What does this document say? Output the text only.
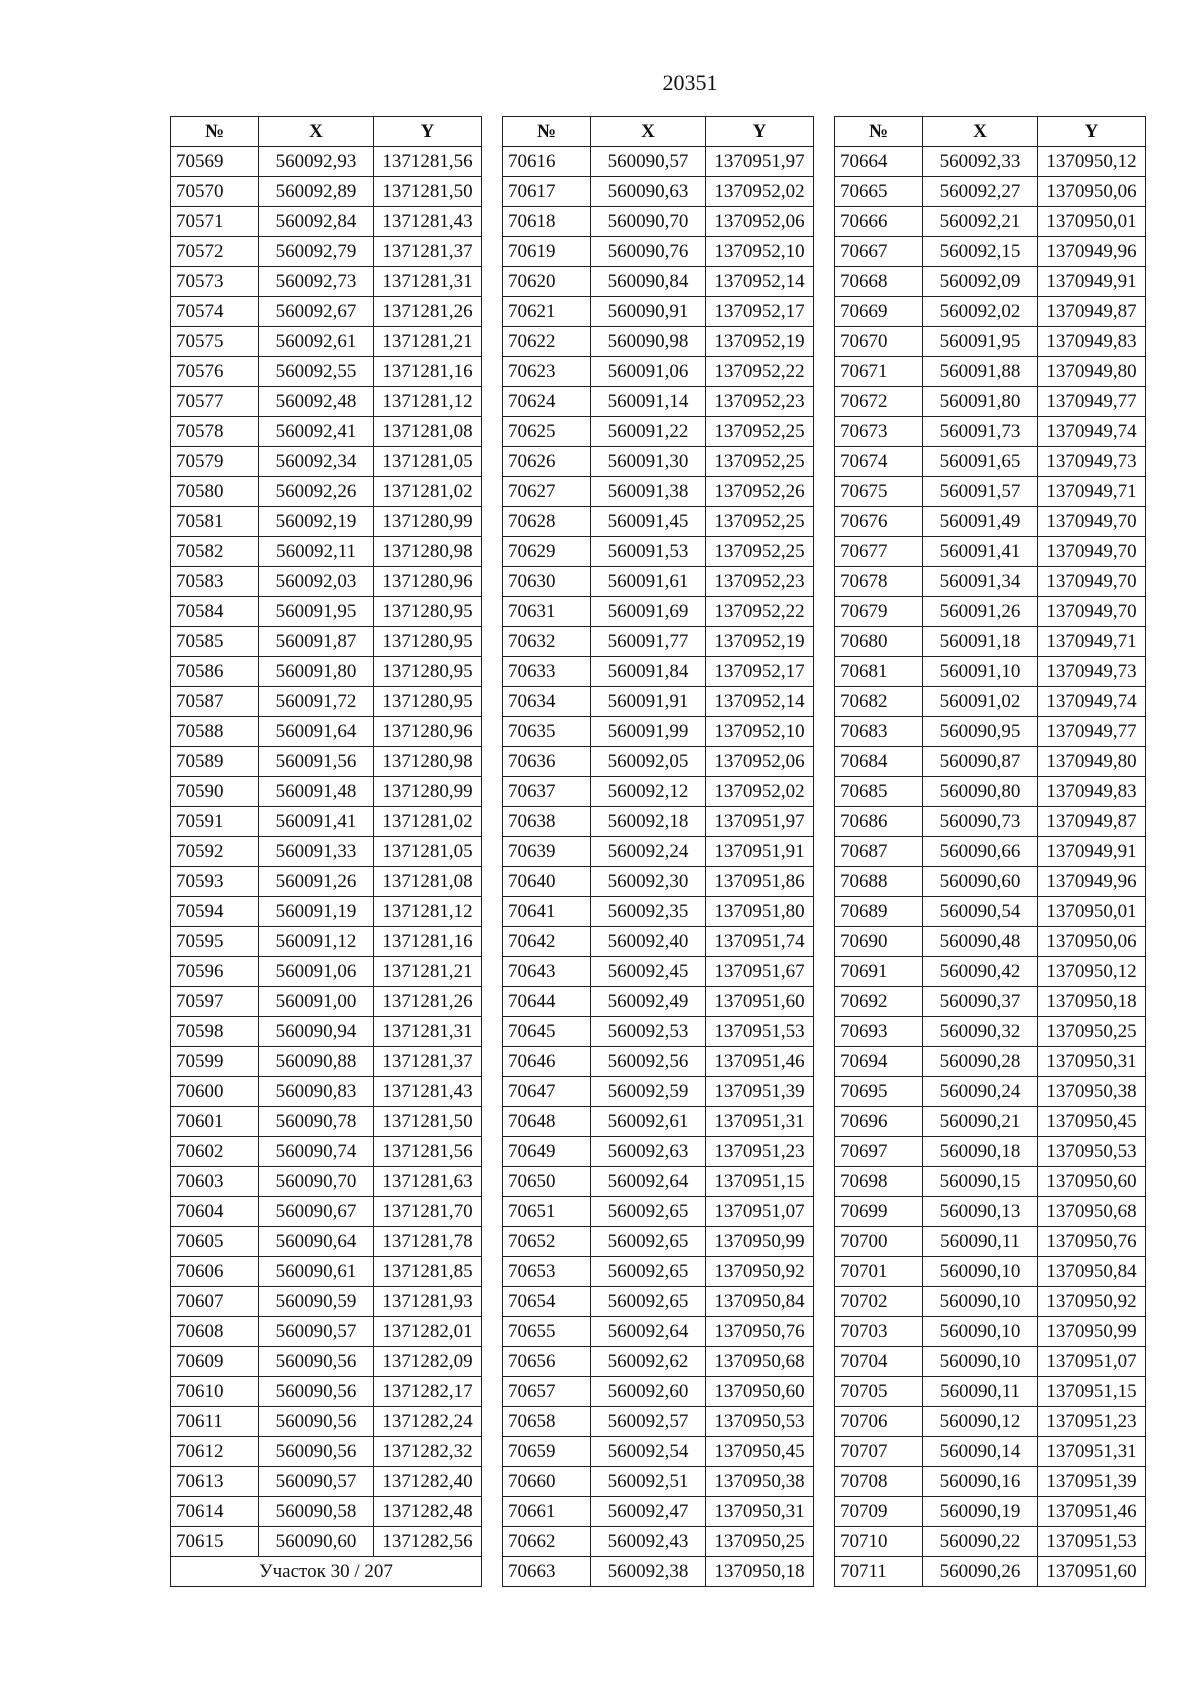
20351
№	X	Y
70569	560092,93	1371281,56
70570	560092,89	1371281,50
70571	560092,84	1371281,43
70572	560092,79	1371281,37
70573	560092,73	1371281,31
70574	560092,67	1371281,26
70575	560092,61	1371281,21
70576	560092,55	1371281,16
70577	560092,48	1371281,12
70578	560092,41	1371281,08
70579	560092,34	1371281,05
70580	560092,26	1371281,02
70581	560092,19	1371280,99
70582	560092,11	1371280,98
70583	560092,03	1371280,96
70584	560091,95	1371280,95
70585	560091,87	1371280,95
70586	560091,80	1371280,95
70587	560091,72	1371280,95
70588	560091,64	1371280,96
70589	560091,56	1371280,98
70590	560091,48	1371280,99
70591	560091,41	1371281,02
70592	560091,33	1371281,05
70593	560091,26	1371281,08
70594	560091,19	1371281,12
70595	560091,12	1371281,16
70596	560091,06	1371281,21
70597	560091,00	1371281,26
70598	560090,94	1371281,31
70599	560090,88	1371281,37
70600	560090,83	1371281,43
70601	560090,78	1371281,50
70602	560090,74	1371281,56
70603	560090,70	1371281,63
70604	560090,67	1371281,70
70605	560090,64	1371281,78
70606	560090,61	1371281,85
70607	560090,59	1371281,93
70608	560090,57	1371282,01
70609	560090,56	1371282,09
70610	560090,56	1371282,17
70611	560090,56	1371282,24
70612	560090,56	1371282,32
70613	560090,57	1371282,40
70614	560090,58	1371282,48
70615	560090,60	1371282,56
Участок 30 / 207		
№	X	Y
70616	560090,57	1370951,97
70617	560090,63	1370952,02
70618	560090,70	1370952,06
70619	560090,76	1370952,10
70620	560090,84	1370952,14
70621	560090,91	1370952,17
70622	560090,98	1370952,19
70623	560091,06	1370952,22
70624	560091,14	1370952,23
70625	560091,22	1370952,25
70626	560091,30	1370952,25
70627	560091,38	1370952,26
70628	560091,45	1370952,25
70629	560091,53	1370952,25
70630	560091,61	1370952,23
70631	560091,69	1370952,22
70632	560091,77	1370952,19
70633	560091,84	1370952,17
70634	560091,91	1370952,14
70635	560091,99	1370952,10
70636	560092,05	1370952,06
70637	560092,12	1370952,02
70638	560092,18	1370951,97
70639	560092,24	1370951,91
70640	560092,30	1370951,86
70641	560092,35	1370951,80
70642	560092,40	1370951,74
70643	560092,45	1370951,67
70644	560092,49	1370951,60
70645	560092,53	1370951,53
70646	560092,56	1370951,46
70647	560092,59	1370951,39
70648	560092,61	1370951,31
70649	560092,63	1370951,23
70650	560092,64	1370951,15
70651	560092,65	1370951,07
70652	560092,65	1370950,99
70653	560092,65	1370950,92
70654	560092,65	1370950,84
70655	560092,64	1370950,76
70656	560092,62	1370950,68
70657	560092,60	1370950,60
70658	560092,57	1370950,53
70659	560092,54	1370950,45
70660	560092,51	1370950,38
70661	560092,47	1370950,31
70662	560092,43	1370950,25
70663	560092,38	1370950,18
№	X	Y
70664	560092,33	1370950,12
70665	560092,27	1370950,06
70666	560092,21	1370950,01
70667	560092,15	1370949,96
70668	560092,09	1370949,91
70669	560092,02	1370949,87
70670	560091,95	1370949,83
70671	560091,88	1370949,80
70672	560091,80	1370949,77
70673	560091,73	1370949,74
70674	560091,65	1370949,73
70675	560091,57	1370949,71
70676	560091,49	1370949,70
70677	560091,41	1370949,70
70678	560091,34	1370949,70
70679	560091,26	1370949,70
70680	560091,18	1370949,71
70681	560091,10	1370949,73
70682	560091,02	1370949,74
70683	560090,95	1370949,77
70684	560090,87	1370949,80
70685	560090,80	1370949,83
70686	560090,73	1370949,87
70687	560090,66	1370949,91
70688	560090,60	1370949,96
70689	560090,54	1370950,01
70690	560090,48	1370950,06
70691	560090,42	1370950,12
70692	560090,37	1370950,18
70693	560090,32	1370950,25
70694	560090,28	1370950,31
70695	560090,24	1370950,38
70696	560090,21	1370950,45
70697	560090,18	1370950,53
70698	560090,15	1370950,60
70699	560090,13	1370950,68
70700	560090,11	1370950,76
70701	560090,10	1370950,84
70702	560090,10	1370950,92
70703	560090,10	1370950,99
70704	560090,10	1370951,07
70705	560090,11	1370951,15
70706	560090,12	1370951,23
70707	560090,14	1370951,31
70708	560090,16	1370951,39
70709	560090,19	1370951,46
70710	560090,22	1370951,53
70711	560090,26	1370951,60
